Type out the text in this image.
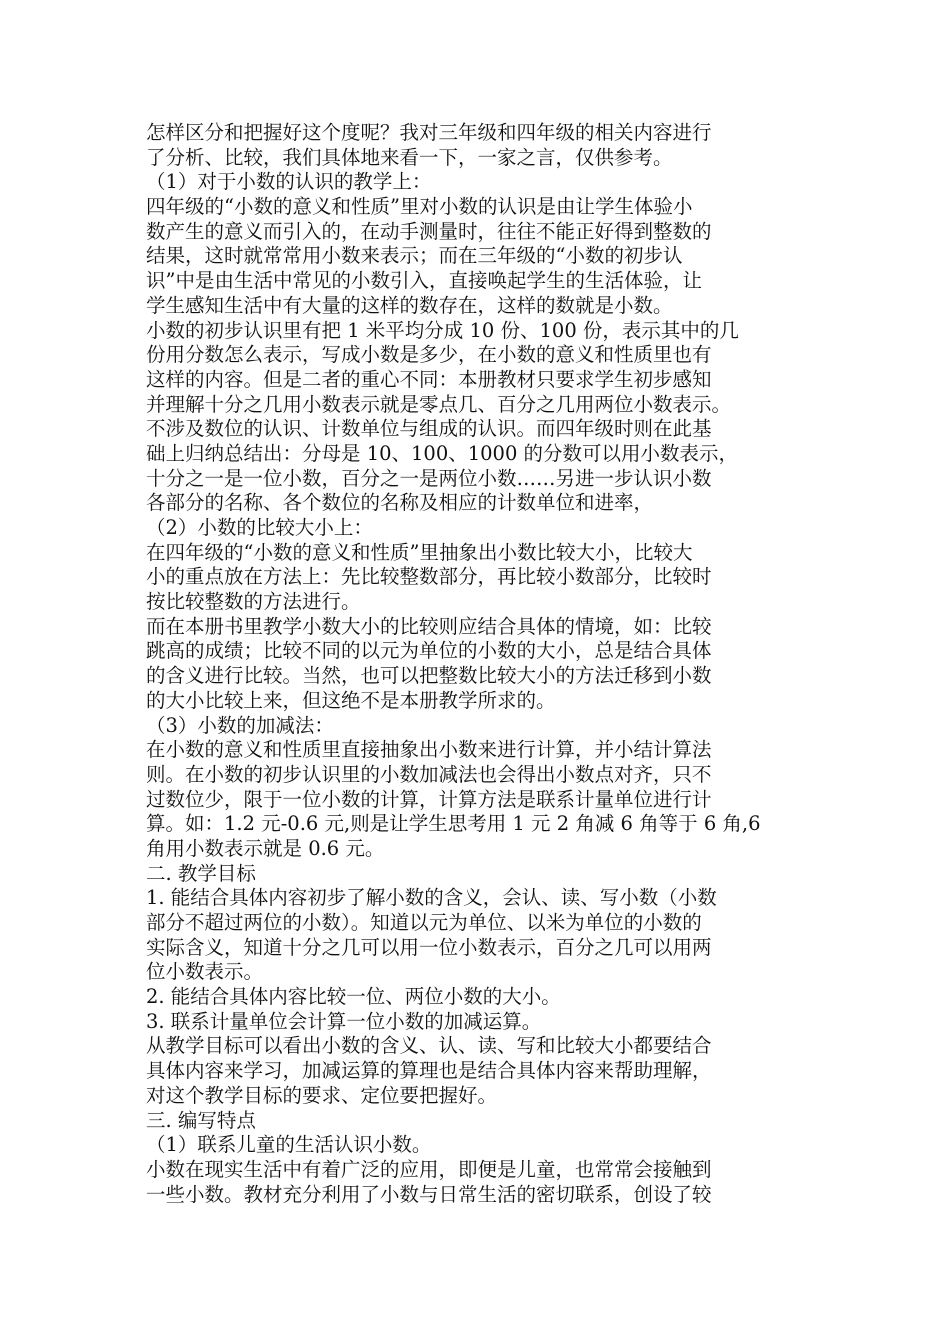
怎样区分和把握好这个度呢？我对三年级和四年级的相关内容进行
了分析、比较，我们具体地来看一下，一家之言，仅供参考。
（1）对于小数的认识的教学上：
四年级的“小数的意义和性质”里对小数的认识是由让学生体验小
数产生的意义而引入的，在动手测量时，往往不能正好得到整数的
结果，这时就常常用小数来表示；而在三年级的“小数的初步认
识”中是由生活中常见的小数引入，直接唤起学生的生活体验，让
学生感知生活中有大量的这样的数存在，这样的数就是小数。
小数的初步认识里有把 1 米平均分成 10 份、100 份，表示其中的几
份用分数怎么表示，写成小数是多少，在小数的意义和性质里也有
这样的内容。但是二者的重心不同：本册教材只要求学生初步感知
并理解十分之几用小数表示就是零点几、百分之几用两位小数表示。
不涉及数位的认识、计数单位与组成的认识。而四年级时则在此基
础上归纳总结出：分母是 10、100、1000 的分数可以用小数表示，
十分之一是一位小数，百分之一是两位小数……另进一步认识小数
各部分的名称、各个数位的名称及相应的计数单位和进率，
（2）小数的比较大小上：
在四年级的“小数的意义和性质”里抽象出小数比较大小，比较大
小的重点放在方法上：先比较整数部分，再比较小数部分，比较时
按比较整数的方法进行。
而在本册书里教学小数大小的比较则应结合具体的情境，如：比较
跳高的成绩；比较不同的以元为单位的小数的大小，总是结合具体
的含义进行比较。当然，也可以把整数比较大小的方法迁移到小数
的大小比较上来，但这绝不是本册教学所求的。
（3）小数的加减法：
在小数的意义和性质里直接抽象出小数来进行计算，并小结计算法
则。在小数的初步认识里的小数加减法也会得出小数点对齐，只不
过数位少，限于一位小数的计算，计算方法是联系计量单位进行计
算。如：1.2 元-0.6 元,则是让学生思考用 1 元 2 角减 6 角等于 6 角,6
角用小数表示就是 0.6 元。
二. 教学目标
1. 能结合具体内容初步了解小数的含义，会认、读、写小数（小数
部分不超过两位的小数）。知道以元为单位、以米为单位的小数的
实际含义，知道十分之几可以用一位小数表示，百分之几可以用两
位小数表示。
2. 能结合具体内容比较一位、两位小数的大小。
3. 联系计量单位会计算一位小数的加减运算。
从教学目标可以看出小数的含义、认、读、写和比较大小都要结合
具体内容来学习，加减运算的算理也是结合具体内容来帮助理解，
对这个教学目标的要求、定位要把握好。
三. 编写特点
（1）联系儿童的生活认识小数。
小数在现实生活中有着广泛的应用，即便是儿童，也常常会接触到
一些小数。教材充分利用了小数与日常生活的密切联系，创设了较
